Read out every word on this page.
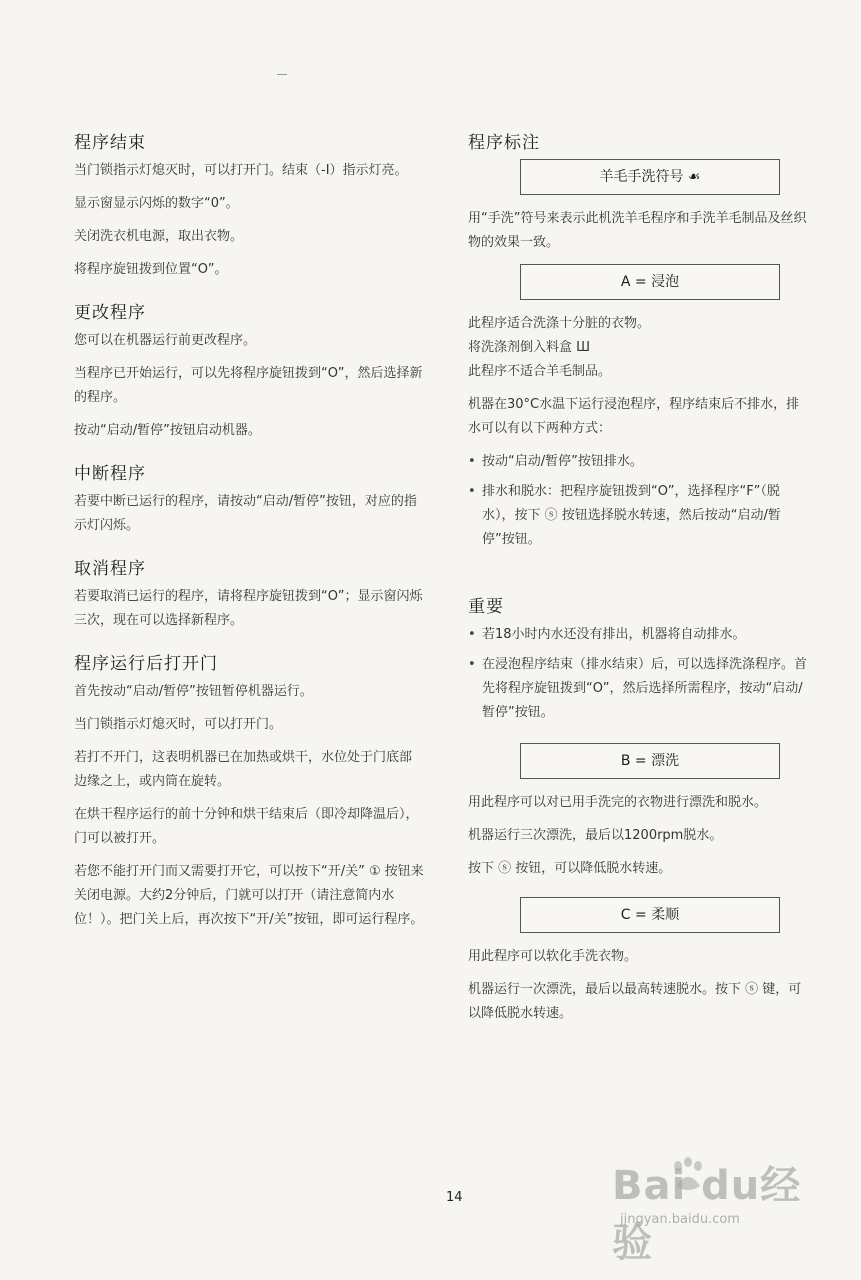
程序结束

当门锁指示灯熄灭时，可以打开门。结束（-I）指示灯亮。

显示窗显示闪烁的数字“0”。

关闭洗衣机电源，取出衣物。

将程序旋钮拨到位置“O”。

更改程序

您可以在机器运行前更改程序。

当程序已开始运行，可以先将程序旋钮拨到“O”，然后选择新的程序。

按动“启动/暂停”按钮启动机器。

中断程序

若要中断已运行的程序，请按动“启动/暂停”按钮，对应的指示灯闪烁。

取消程序

若要取消已运行的程序，请将程序旋钮拨到“O”；显示窗闪烁三次，现在可以选择新程序。

程序运行后打开门

首先按动“启动/暂停”按钮暂停机器运行。

当门锁指示灯熄灭时，可以打开门。

若打不开门，这表明机器已在加热或烘干，水位处于门底部边缘之上，或内筒在旋转。

在烘干程序运行的前十分钟和烘干结束后（即冷却降温后），门可以被打开。

若您不能打开门而又需要打开它，可以按下“开/关” ① 按钮来关闭电源。大约2分钟后，门就可以打开（请注意简内水位！）。把门关上后，再次按下“开/关”按钮，即可运行程序。

程序标注
羊毛手洗符号 ☙

用“手洗”符号来表示此机洗羊毛程序和手洗羊毛制品及丝织物的效果一致。

A = 浸泡

此程序适合洗涤十分脏的衣物。

将洗涤剂倒入料盒 Ш

此程序不适合羊毛制品。

机器在30°C水温下运行浸泡程序，程序结束后不排水，排水可以有以下两种方式：

• 按动“启动/暂停”按钮排水。
• 排水和脱水：把程序旋钮拨到“O”，选择程序“F”（脱水），按下 ⓢ 按钮选择脱水转速，然后按动“启动/暂停”按钮。
重要
• 若18小时内水还没有排出，机器将自动排水。
• 在浸泡程序结束（排水结束）后，可以选择洗涤程序。首先将程序旋钮拨到“O”，然后选择所需程序，按动“启动/暂停”按钮。
B = 漂洗

用此程序可以对已用手洗完的衣物进行漂洗和脱水。

机器运行三次漂洗，最后以1200rpm脱水。

按下 ⓢ 按钮，可以降低脱水转速。

C = 柔顺

用此程序可以软化手洗衣物。

机器运行一次漂洗，最后以最高转速脱水。按下 ⓢ 键，可以降低脱水转速。

14	Bai du经验
jingyan.baidu.com
